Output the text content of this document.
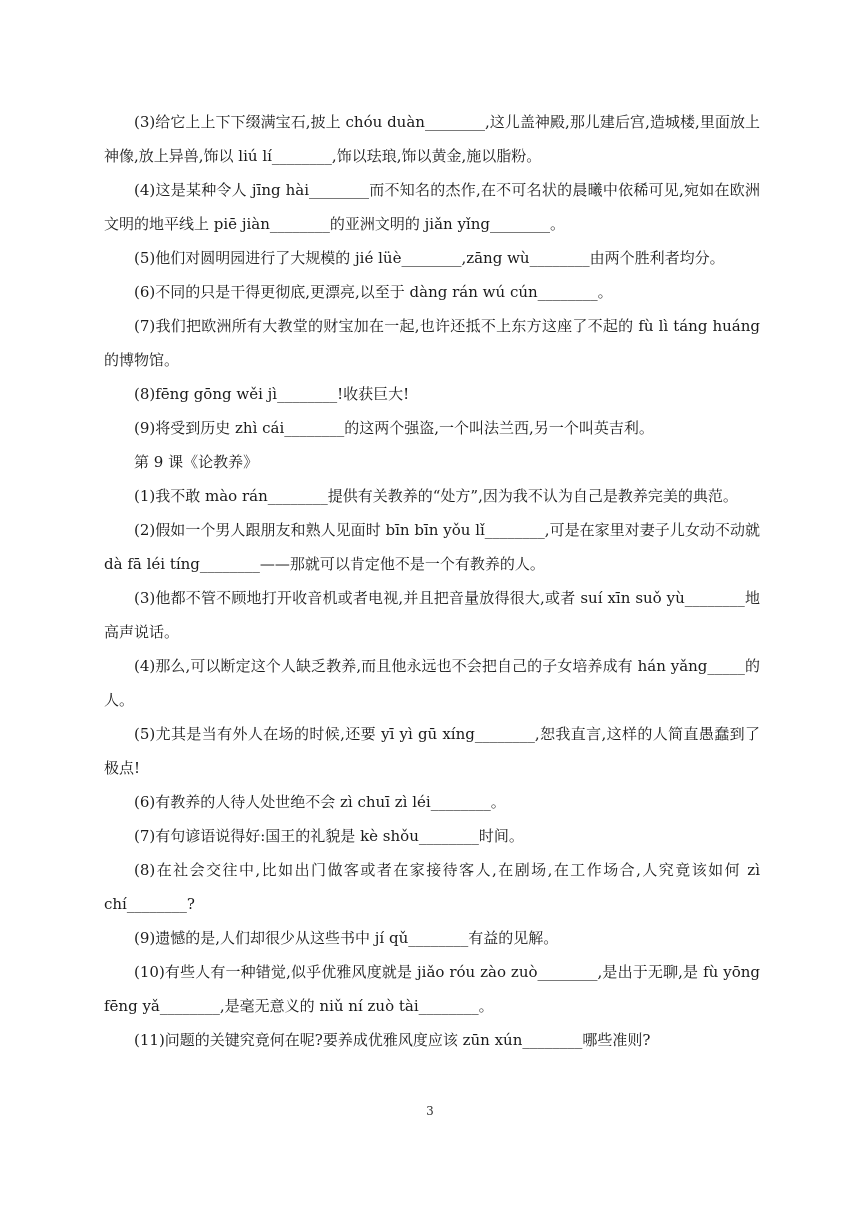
(3)给它上上下下缀满宝石,披上 chóu duàn________,这儿盖神殿,那儿建后宫,造城楼,里面放上神像,放上异兽,饰以 liú lí________,饰以珐琅,饰以黄金,施以脂粉。

(4)这是某种令人 jīng hài________而不知名的杰作,在不可名状的晨曦中依稀可见,宛如在欧洲文明的地平线上 piē jiàn________的亚洲文明的 jiǎn yǐng________。

(5)他们对圆明园进行了大规模的 jié lüè________,zāng wù________由两个胜利者均分。

(6)不同的只是干得更彻底,更漂亮,以至于 dàng rán wú cún________。

(7)我们把欧洲所有大教堂的财宝加在一起,也许还抵不上东方这座了不起的 fù lì táng huáng 的博物馆。

(8)fēng gōng wěi jì________!收获巨大!

(9)将受到历史 zhì cái________的这两个强盗,一个叫法兰西,另一个叫英吉利。

第 9 课《论教养》

(1)我不敢 mào rán________提供有关教养的“处方”,因为我不认为自己是教养完美的典范。

(2)假如一个男人跟朋友和熟人见面时 bīn bīn yǒu lǐ________,可是在家里对妻子儿女动不动就 dà fā léi tíng________——那就可以肯定他不是一个有教养的人。

(3)他都不管不顾地打开收音机或者电视,并且把音量放得很大,或者 suí xīn suǒ yù________地高声说话。

(4)那么,可以断定这个人缺乏教养,而且他永远也不会把自己的子女培养成有 hán yǎng_____的人。

(5)尤其是当有外人在场的时候,还要 yī yì gū xíng________,恕我直言,这样的人简直愚蠢到了极点!

(6)有教养的人待人处世绝不会 zì chuī zì léi________。

(7)有句谚语说得好:国王的礼貌是 kè shǒu________时间。

(8)在社会交往中,比如出门做客或者在家接待客人,在剧场,在工作场合,人究竟该如何 zì chí________?

(9)遗憾的是,人们却很少从这些书中 jí qǔ________有益的见解。

(10)有些人有一种错觉,似乎优雅风度就是 jiǎo róu zào zuò________,是出于无聊,是 fù yōng fēng yǎ________,是毫无意义的 niǔ ní zuò tài________。

(11)问题的关键究竟何在呢?要养成优雅风度应该 zūn xún________哪些准则?

3
